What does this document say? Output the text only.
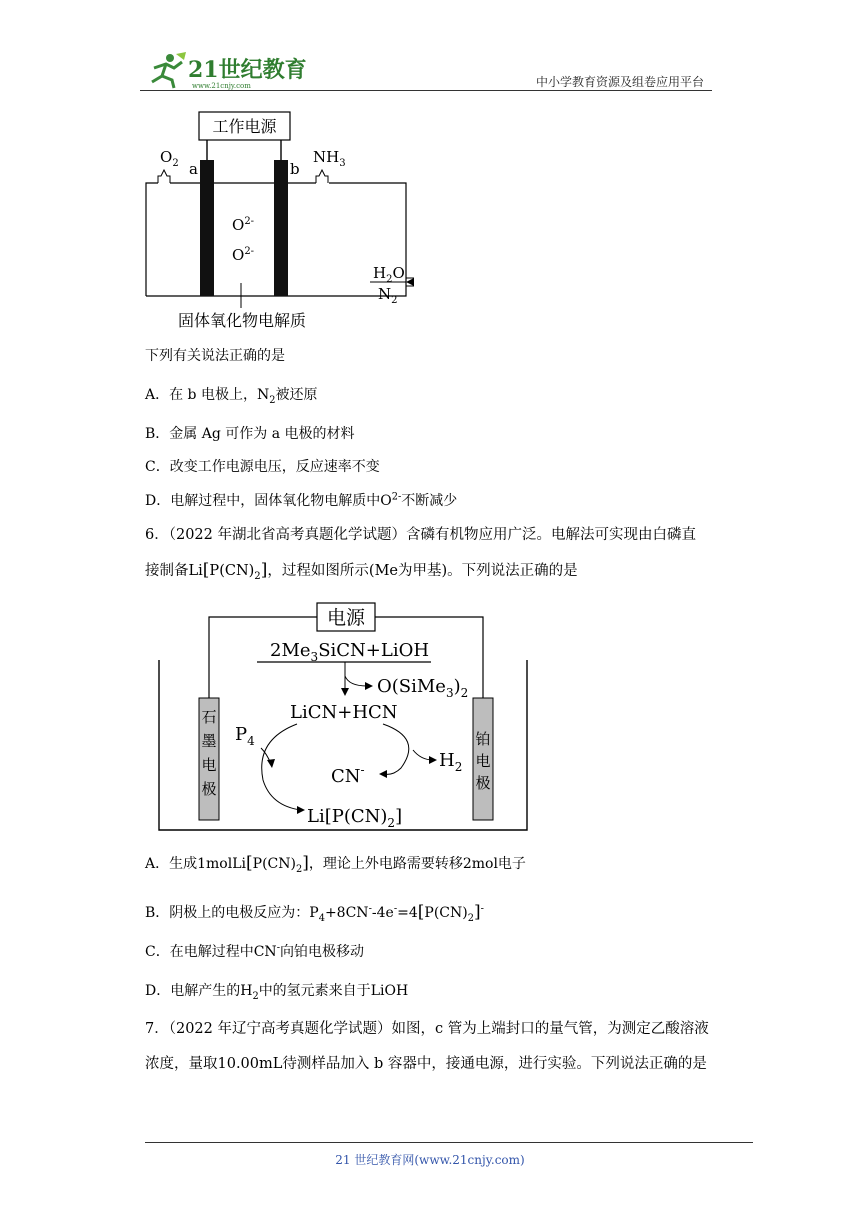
21世纪教育
www.21cnjy.com	中小学教育资源及组卷应用平台
工作电源
$O_2$ a	b
$NH_3$
$O^{2-}$
$O^{2-}$
$H_2O$
$N_2$
固体氧化物电解质
下列有关说法正确的是
A．在 b 电极上，$N_2$被还原
B．金属 Ag 可作为 a 电极的材料
C．改变工作电源电压，反应速率不变
D．电解过程中，固体氧化物电解质中$O^{2-}$不断减少
6．（2022 年湖北省高考真题化学试题）含磷有机物应用广泛。电解法可实现由白磷直
接制备$Li[P(CN)_2]$，过程如图所示(Me为甲基)。下列说法正确的是
电源
石
墨
电
极
铂
电
极
$2Me_3SiCN+LiOH$
$O(SiMe_3)_2$
LiCN+HCN
$P_4$
CN-	$H_2$
$Li[P(CN)_2]$
A．生成$1molLi[P(CN)_2]$，理论上外电路需要转移2mol电子
B．阴极上的电极反应为：$P_4+8CN^--4e^-=4[P(CN)_2]^-$
C．在电解过程中CN-向铂电极移动
D．电解产生的$H_2$中的氢元素来自于LiOH
7．（2022 年辽宁高考真题化学试题）如图，c 管为上端封口的量气管，为测定乙酸溶液
浓度，量取10.00mL待测样品加入 b 容器中，接通电源，进行实验。下列说法正确的是
21 世纪教育网(www.21cnjy.com)
